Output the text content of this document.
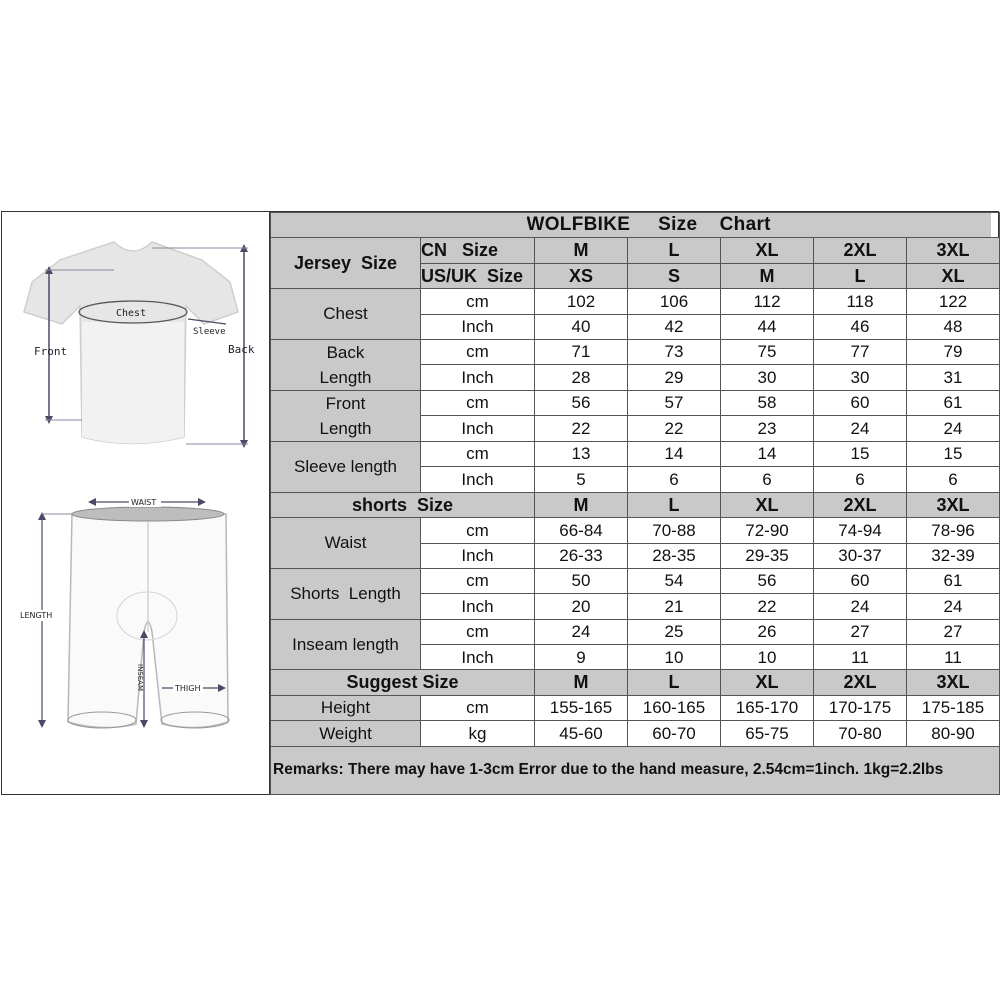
Chest
Front	Back
Sleeve
WAIST
LENGTH
INSEAM	THIGH
	WOLFBIKE     Size    Chart
Jersey  Size	CN   Size	M	L	XL	2XL	3XL
US/UK  Size	XS	S	M	L	XL
Chest	cm	102	106	112	118	122
Inch	40	42	44	46	48

Back
Length	cm	71	73	75	77	79
Inch	28	29	30	30	31

Front
Length	cm	56	57	58	60	61
Inch	22	22	23	24	24
Sleeve length	cm	13	14	14	15	15
Inch	5	6	6	6	6
shorts  Size	M	L	XL	2XL	3XL
Waist	cm	66-84	70-88	72-90	74-94	78-96
Inch	26-33	28-35	29-35	30-37	32-39
Shorts  Length	cm	50	54	56	60	61
Inch	20	21	22	24	24
Inseam length	cm	24	25	26	27	27
Inch	9	10	10	11	11
Suggest Size	M	L	XL	2XL	3XL
Height	cm	155-165	160-165	165-170	170-175	175-185
Weight	kg	45-60	60-70	65-75	70-80	80-90
Remarks: There may have 1-3cm Error due to the hand measure, 2.54cm=1inch. 1kg=2.2lbs
